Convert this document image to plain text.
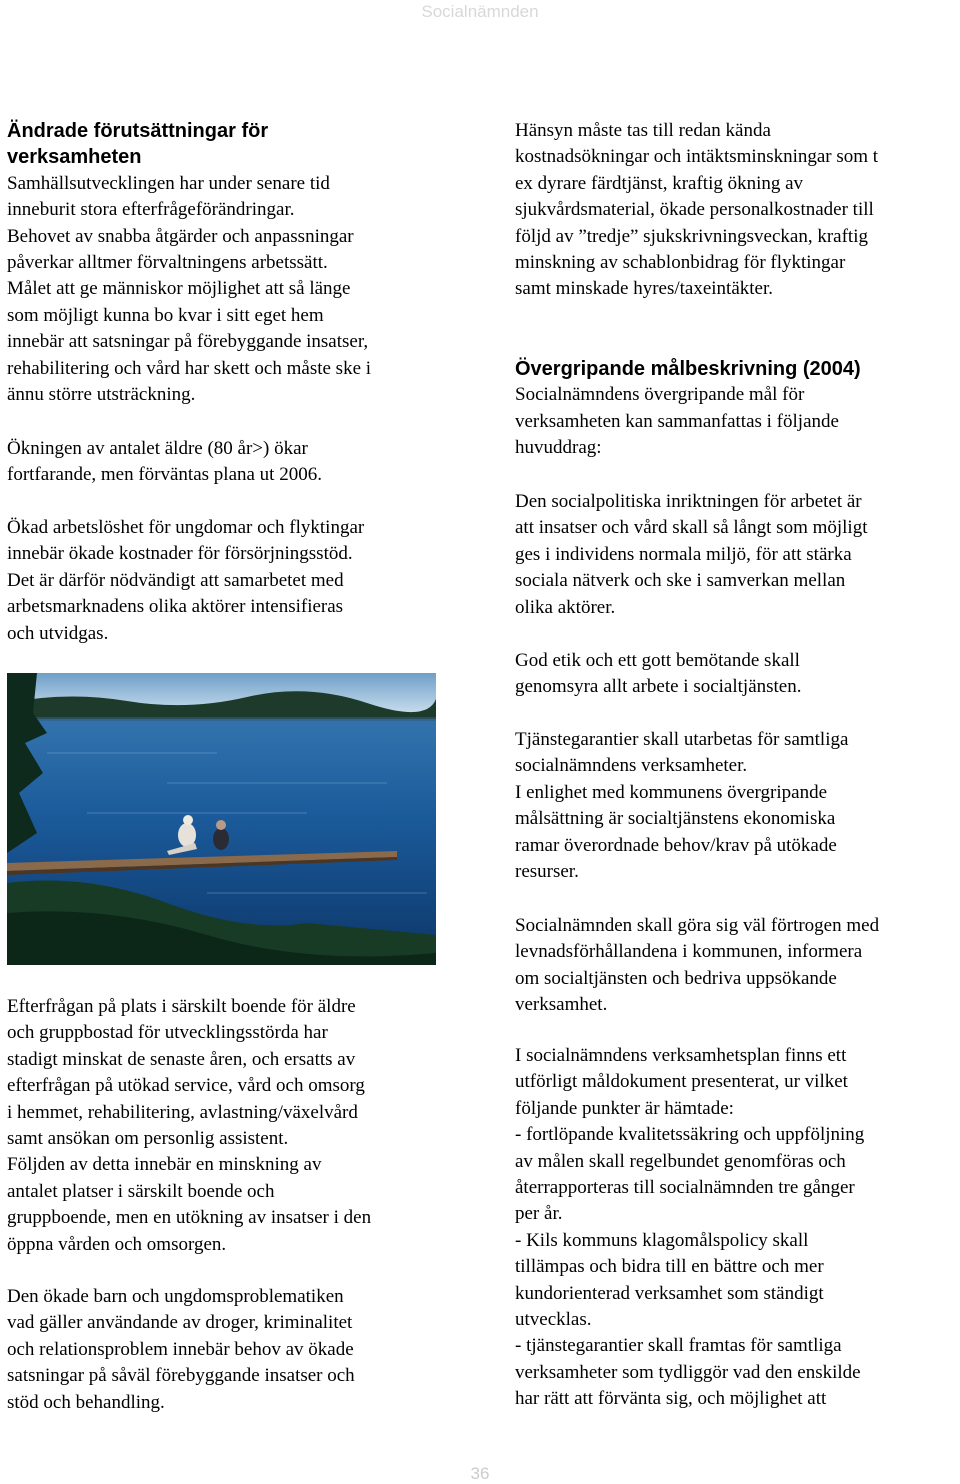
Socialnämnden

Ändrade förutsättningar för
verksamheten

Samhällsutvecklingen har under senare tid
inneburit stora efterfrågeförändringar.
Behovet av snabba åtgärder och anpassningar
påverkar alltmer förvaltningens arbetssätt.
Målet att ge människor möjlighet att så länge
som möjligt kunna bo kvar i sitt eget hem
innebär att satsningar på förebyggande insatser,
rehabilitering och vård har skett och måste ske i
ännu större utsträckning.

Ökningen av antalet äldre (80 år>) ökar
fortfarande, men förväntas plana ut 2006.

Ökad arbetslöshet för ungdomar och flyktingar
innebär ökade kostnader för försörjningsstöd.
Det är därför nödvändigt att samarbetet med
arbetsmarknadens olika aktörer intensifieras
och utvidgas.

Efterfrågan på plats i särskilt boende för äldre
och gruppbostad för utvecklingsstörda har
stadigt minskat de senaste åren, och ersatts av
efterfrågan på utökad service, vård och omsorg
i hemmet, rehabilitering, avlastning/växelvård
samt ansökan om personlig assistent.
Följden av detta innebär en minskning av
antalet platser i särskilt boende och
gruppboende, men en utökning av insatser i den
öppna vården och omsorgen.

Den ökade barn och ungdomsproblematiken
vad gäller användande av droger, kriminalitet
och relationsproblem innebär behov av ökade
satsningar på såväl förebyggande insatser och
stöd och behandling.

Hänsyn måste tas till redan kända
kostnadsökningar och intäktsminskningar som t
ex dyrare färdtjänst, kraftig ökning av
sjukvårdsmaterial, ökade personalkostnader till
följd av ”tredje” sjukskrivningsveckan, kraftig
minskning av schablonbidrag för flyktingar
samt minskade hyres/taxeintäkter.

Övergripande målbeskrivning (2004)

Socialnämndens övergripande mål för
verksamheten kan sammanfattas i följande
huvuddrag:

Den socialpolitiska inriktningen för arbetet är
att insatser och vård skall så långt som möjligt
ges i individens normala miljö, för att stärka
sociala nätverk och ske i samverkan mellan
olika aktörer.

God etik och ett gott bemötande skall
genomsyra allt arbete i socialtjänsten.

Tjänstegarantier skall utarbetas för samtliga
socialnämndens verksamheter.
I enlighet med kommunens övergripande
målsättning är socialtjänstens ekonomiska
ramar överordnade behov/krav på utökade
resurser.

Socialnämnden skall göra sig väl förtrogen med
levnadsförhållandena i kommunen, informera
om socialtjänsten och bedriva uppsökande
verksamhet.

I socialnämndens verksamhetsplan finns ett
utförligt måldokument presenterat, ur vilket
följande punkter är hämtade:
- fortlöpande kvalitetssäkring och uppföljning
av målen skall regelbundet genomföras och
återrapporteras till socialnämnden tre gånger
per år.
- Kils kommuns klagomålspolicy skall
tillämpas och bidra till en bättre och mer
kundorienterad verksamhet som ständigt
utvecklas.
- tjänstegarantier skall framtas för samtliga
verksamheter som tydliggör vad den enskilde
har rätt att förvänta sig, och möjlighet att

36
